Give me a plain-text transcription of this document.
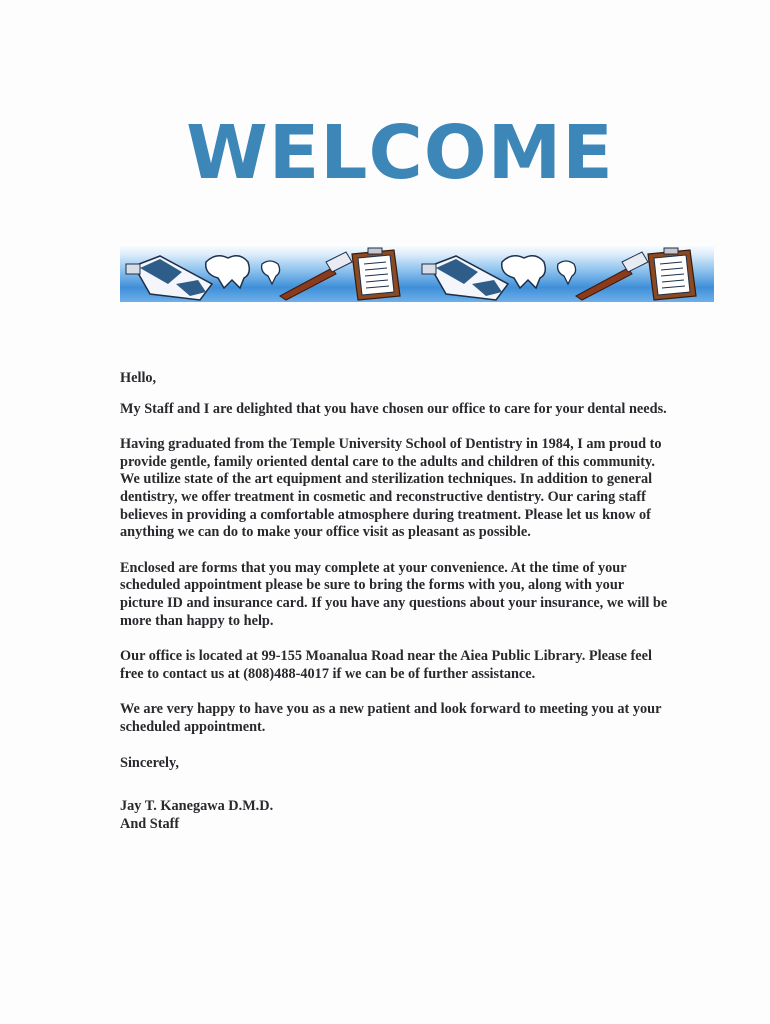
WELCOME

Hello,

My Staff and I are delighted that you have chosen our office to care for your dental needs.

Having graduated from the Temple University School of Dentistry in 1984, I am proud to provide gentle, family oriented dental care to the adults and children of this community. We utilize state of the art equipment and sterilization techniques. In addition to general dentistry, we offer treatment in cosmetic and reconstructive dentistry. Our caring staff believes in providing a comfortable atmosphere during treatment. Please let us know of anything we can do to make your office visit as pleasant as possible.

Enclosed are forms that you may complete at your convenience. At the time of your scheduled appointment please be sure to bring the forms with you, along with your picture ID and insurance card. If you have any questions about your insurance, we will be more than happy to help.

Our office is located at 99-155 Moanalua Road near the Aiea Public Library. Please feel free to contact us at (808)488-4017 if we can be of further assistance.

We are very happy to have you as a new patient and look forward to meeting you at your scheduled appointment.

Sincerely,

Jay T. Kanegawa D.M.D.
And Staff
